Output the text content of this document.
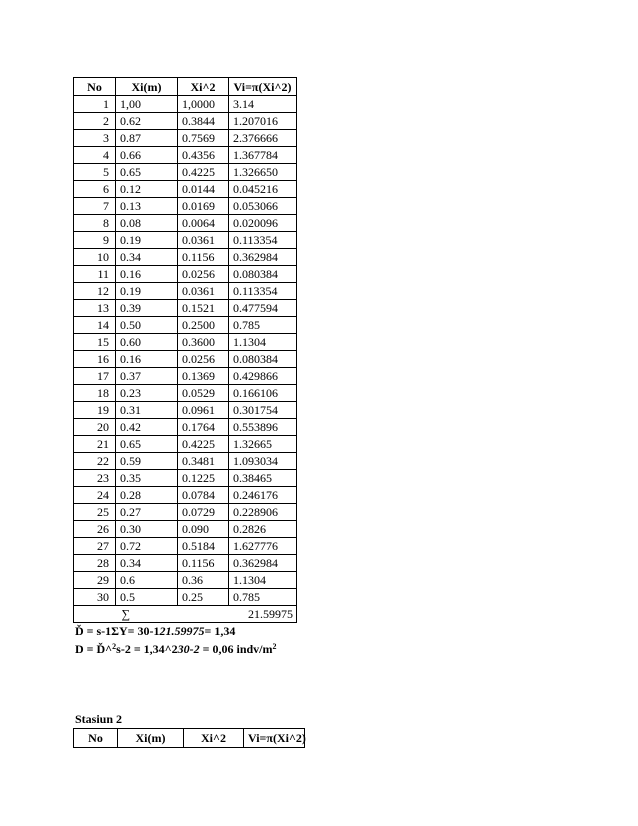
No	Xi(m)	Xi^2	Vi=π(Xi^2)
1	1,00	1,0000	3.14
2	0.62	0.3844	1.207016
3	0.87	0.7569	2.376666
4	0.66	0.4356	1.367784
5	0.65	0.4225	1.326650
6	0.12	0.0144	0.045216
7	0.13	0.0169	0.053066
8	0.08	0.0064	0.020096
9	0.19	0.0361	0.113354
10	0.34	0.1156	0.362984
11	0.16	0.0256	0.080384
12	0.19	0.0361	0.113354
13	0.39	0.1521	0.477594
14	0.50	0.2500	0.785
15	0.60	0.3600	1.1304
16	0.16	0.0256	0.080384
17	0.37	0.1369	0.429866
18	0.23	0.0529	0.166106
19	0.31	0.0961	0.301754
20	0.42	0.1764	0.553896
21	0.65	0.4225	1.32665
22	0.59	0.3481	1.093034
23	0.35	0.1225	0.38465
24	0.28	0.0784	0.246176
25	0.27	0.0729	0.228906
26	0.30	0.090	0.2826
27	0.72	0.5184	1.627776
28	0.34	0.1156	0.362984
29	0.6	0.36	1.1304
30	0.5	0.25	0.785
∑			21.59975
Ď = s-1ΣY= 30-121.59975= 1,34
D = Ď^$^2$s-2 = 1,34^230-2 = 0,06 indv/$m^2$
Stasiun 2
No	Xi(m)	Xi^2	Vi=π(Xi^2)
